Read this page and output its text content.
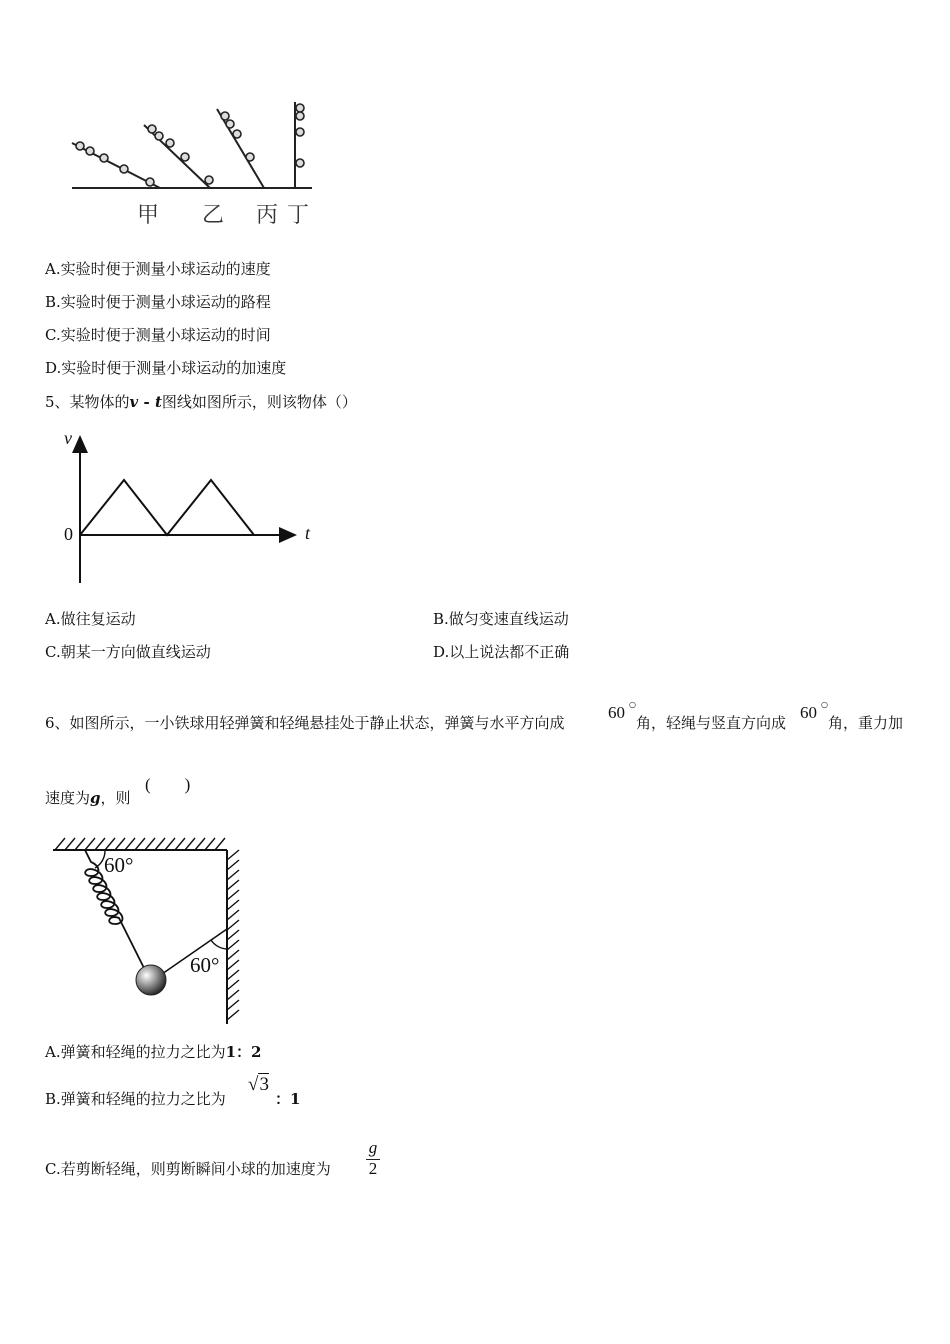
甲 乙 丙 丁
A.实验时便于测量小球运动的速度
B.实验时便于测量小球运动的路程
C.实验时便于测量小球运动的时间
D.实验时便于测量小球运动的加速度
5、某物体的v - t图线如图所示，则该物体（）
v
0	t
A.做往复运动	B.做匀变速直线运动
C.朝某一方向做直线运动	D.以上说法都不正确
6、如图所示，一小铁球用轻弹簧和轻绳悬挂处于静止状态，弹簧与水平方向成
60 ○
角，轻绳与竖直方向成
60 ○
角，重力加
速度为g，则
(        )
60°
60°
A.弹簧和轻绳的拉力之比为1：2
B.弹簧和轻绳的拉力之比为
√3
：1
C.若剪断轻绳，则剪断瞬间小球的加速度为
g
2
